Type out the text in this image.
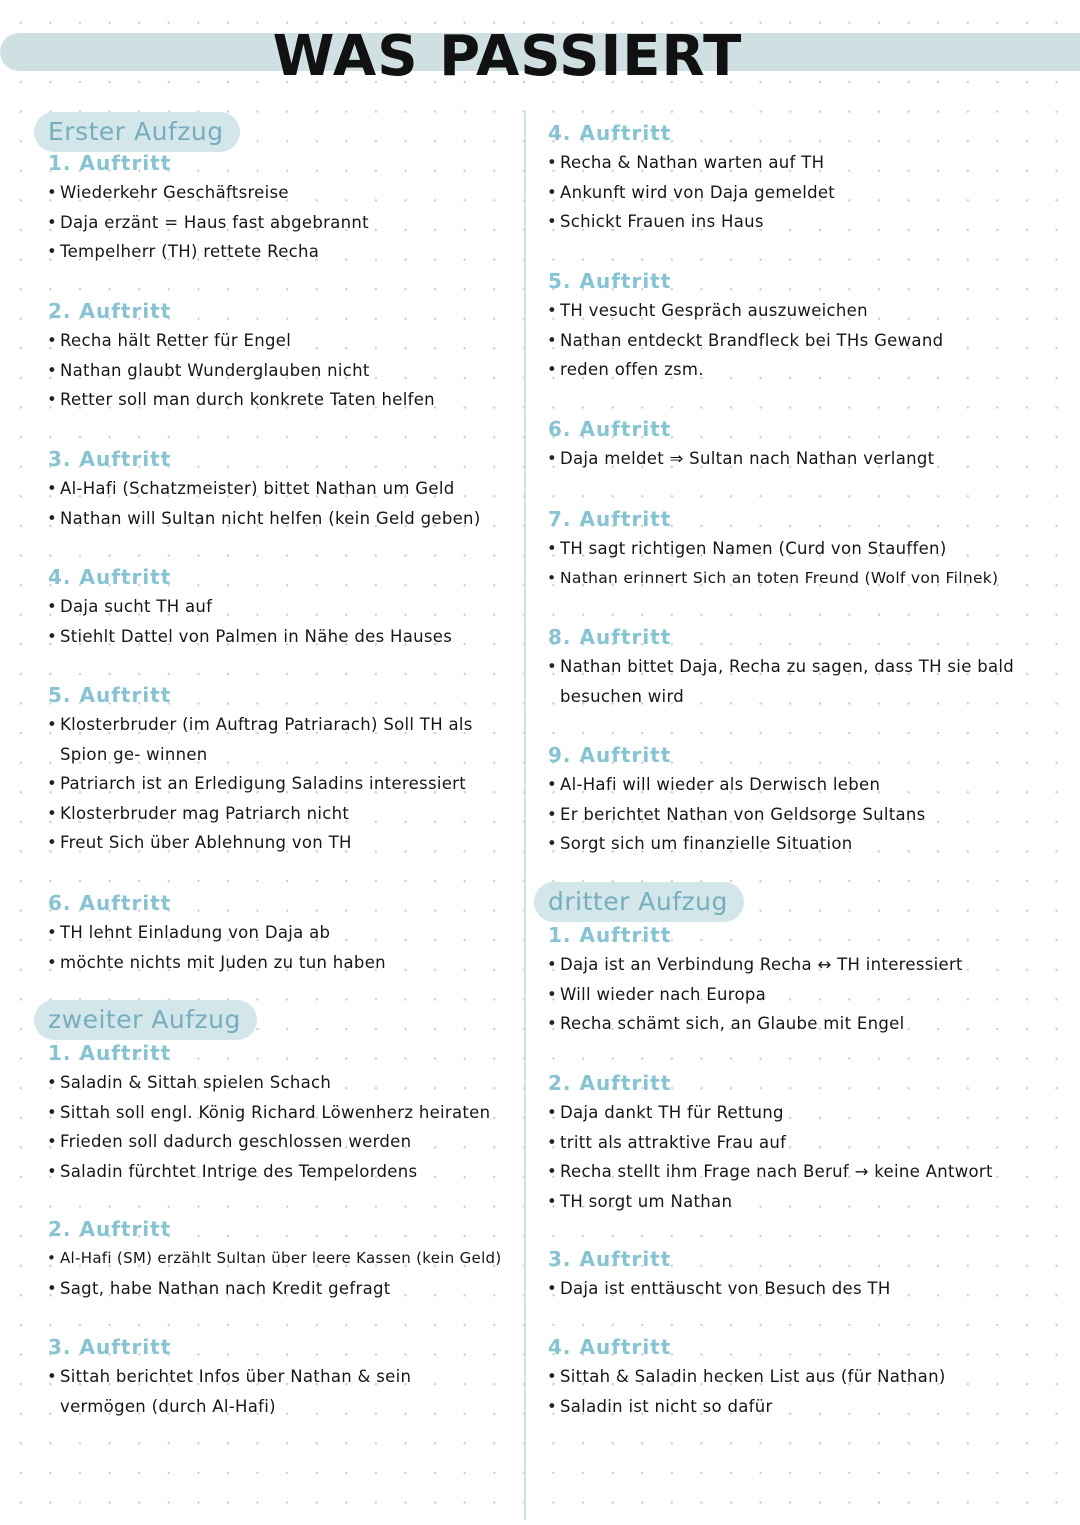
WAS PASSIERT
Erster Aufzug
1. Auftritt
• Wiederkehr Geschäftsreise
• Daja erzänt = Haus fast abgebrannt
• Tempelherr (TH) rettete Recha
2. Auftritt
• Recha hält Retter für Engel
• Nathan glaubt Wunderglauben nicht
• Retter soll man durch konkrete Taten helfen
3. Auftritt
• Al-Hafi (Schatzmeister) bittet Nathan um Geld
• Nathan will Sultan nicht helfen (kein Geld geben)
4. Auftritt
• Daja sucht TH auf
• Stiehlt Dattel von Palmen in Nähe des Hauses
5. Auftritt
• Klosterbruder (im Auftrag Patriarach) Soll TH als Spion ge- winnen
• Patriarch ist an Erledigung Saladins interessiert
• Klosterbruder mag Patriarch nicht
• Freut Sich über Ablehnung von TH
6. Auftritt
• TH lehnt Einladung von Daja ab
• möchte nichts mit Juden zu tun haben
zweiter Aufzug
1. Auftritt
• Saladin & Sittah spielen Schach
• Sittah soll engl. König Richard Löwenherz heiraten
• Frieden soll dadurch geschlossen werden
• Saladin fürchtet Intrige des Tempelordens
2. Auftritt
• Al-Hafi (SM) erzählt Sultan über leere Kassen (kein Geld)
• Sagt, habe Nathan nach Kredit gefragt
3. Auftritt
• Sittah berichtet Infos über Nathan & sein vermögen (durch Al-Hafi)
4. Auftritt
• Recha & Nathan warten auf TH
• Ankunft wird von Daja gemeldet
• Schickt Frauen ins Haus
5. Auftritt
• TH vesucht Gespräch auszuweichen
• Nathan entdeckt Brandfleck bei THs Gewand
• reden offen zsm.
6. Auftritt
• Daja meldet ⇒ Sultan nach Nathan verlangt
7. Auftritt
• TH sagt richtigen Namen (Curd von Stauffen)
• Nathan erinnert Sich an toten Freund (Wolf von Filnek)
8. Auftritt
• Nathan bittet Daja, Recha zu sagen, dass TH sie bald besuchen wird
9. Auftritt
• Al-Hafi will wieder als Derwisch leben
• Er berichtet Nathan von Geldsorge Sultans
• Sorgt sich um finanzielle Situation
dritter Aufzug
1. Auftritt
• Daja ist an Verbindung Recha ↔ TH interessiert
• Will wieder nach Europa
• Recha schämt sich, an Glaube mit Engel
2. Auftritt
• Daja dankt TH für Rettung
• tritt als attraktive Frau auf
• Recha stellt ihm Frage nach Beruf → keine Antwort
• TH sorgt um Nathan
3. Auftritt
• Daja ist enttäuscht von Besuch des TH
4. Auftritt
• Sittah & Saladin hecken List aus (für Nathan)
• Saladin ist nicht so dafür
